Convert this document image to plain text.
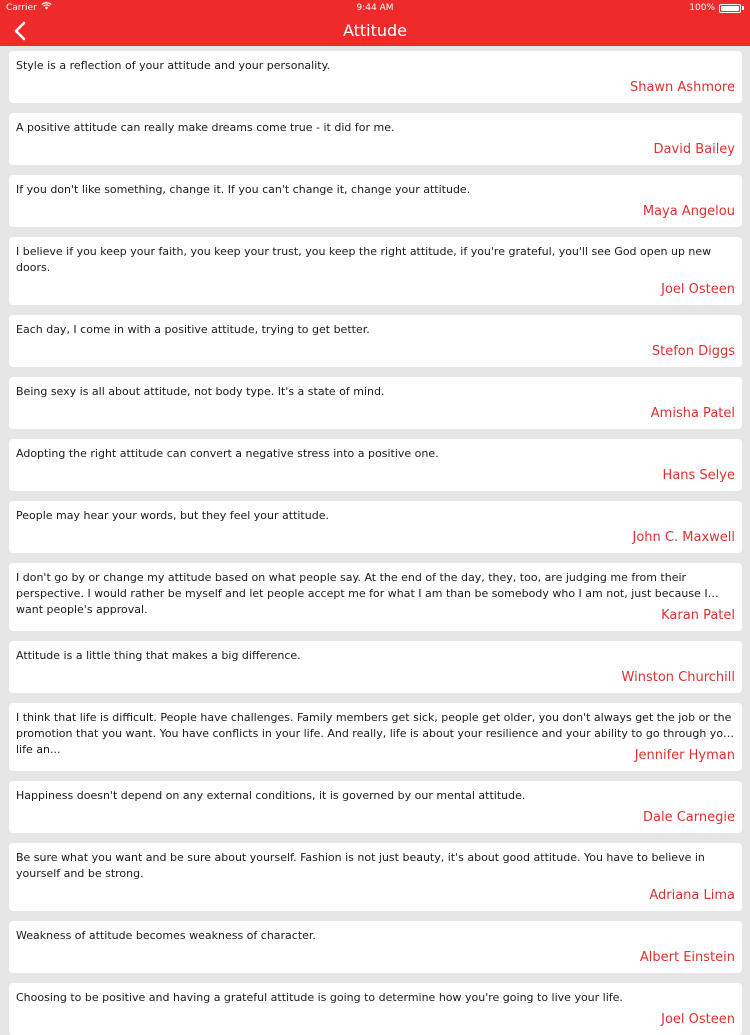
Carrier	9:44 AM	100%
Attitude
Style is a reflection of your attitude and your personality.
Shawn Ashmore
A positive attitude can really make dreams come true - it did for me.
David Bailey
If you don't like something, change it. If you can't change it, change your attitude.
Maya Angelou
I believe if you keep your faith, you keep your trust, you keep the right attitude, if you're grateful, you'll see God open up new doors.
Joel Osteen
Each day, I come in with a positive attitude, trying to get better.
Stefon Diggs
Being sexy is all about attitude, not body type. It's a state of mind.
Amisha Patel
Adopting the right attitude can convert a negative stress into a positive one.
Hans Selye
People may hear your words, but they feel your attitude.
John C. Maxwell
I don't go by or change my attitude based on what people say. At the end of the day, they, too, are judging me from their perspective. I would rather be myself and let people accept me for what I am than be somebody who I am not, just because I want people's approval.	Karan Patel
Attitude is a little thing that makes a big difference.
Winston Churchill
I think that life is difficult. People have challenges. Family members get sick, people get older, you don't always get the job or the promotion that you want. You have conflicts in your life. And really, life is about your resilience and your ability to go through your life an...	Jennifer Hyman
Happiness doesn't depend on any external conditions, it is governed by our mental attitude.
Dale Carnegie
Be sure what you want and be sure about yourself. Fashion is not just beauty, it's about good attitude. You have to believe in yourself and be strong.
Adriana Lima
Weakness of attitude becomes weakness of character.
Albert Einstein
Choosing to be positive and having a grateful attitude is going to determine how you're going to live your life.
Joel Osteen
